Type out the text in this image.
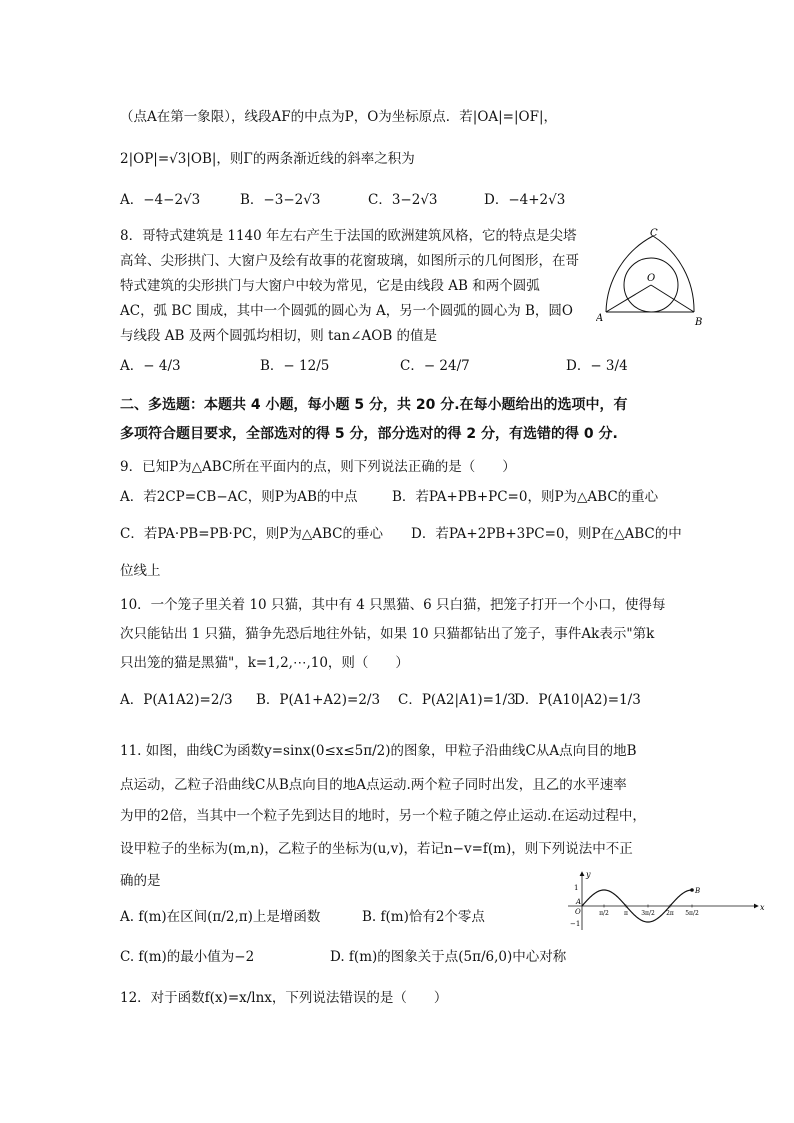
（点A在第一象限），线段AF的中点为P，O为坐标原点．若|OA|=|OF|，
2|OP|=√3|OB|，则Γ的两条渐近线的斜率之积为
A．−4−2√3	B．−3−2√3	C．3−2√3	D．−4+2√3
8．哥特式建筑是 1140 年左右产生于法国的欧洲建筑风格，它的特点是尖塔
高耸、尖形拱门、大窗户及绘有故事的花窗玻璃，如图所示的几何图形，在哥
特式建筑的尖形拱门与大窗户中较为常见，它是由线段 AB 和两个圆弧
AC，弧 BC 围成，其中一个圆弧的圆心为 A，另一个圆弧的圆心为 B，圆O
与线段 AB 及两个圆弧均相切，则 tan∠AOB 的值是
A．− 4/3	B．− 12/5	C．− 24/7	D．− 3/4
C
O
A	B
二、多选题：本题共 4 小题，每小题 5 分，共 20 分.在每小题给出的选项中，有
多项符合题目要求，全部选对的得 5 分，部分选对的得 2 分，有选错的得 0 分.
9．已知P为△ABC所在平面内的点，则下列说法正确的是（　　）
A．若2CP=CB−AC，则P为AB的中点	B．若PA+PB+PC=0，则P为△ABC的重心
C．若PA·PB=PB·PC，则P为△ABC的垂心 D．若PA+2PB+3PC=0，则P在△ABC的中
位线上
10．一个笼子里关着 10 只猫，其中有 4 只黑猫、6 只白猫，把笼子打开一个小口，使得每
次只能钻出 1 只猫，猫争先恐后地往外钻，如果 10 只猫都钻出了笼子，事件Ak表示"第k
只出笼的猫是黑猫"，k=1,2,⋯,10，则（　　）
A．P(A1A2)=2/3 B．P(A1+A2)=2/3 C．P(A2|A1)=1/3
D．P(A10|A2)=1/3
11. 如图，曲线C为函数y=sinx(0≤x≤5π/2)的图象，甲粒子沿曲线C从A点向目的地B
点运动，乙粒子沿曲线C从B点向目的地A点运动.两个粒子同时出发，且乙的水平速率
为甲的2倍，当其中一个粒子先到达目的地时，另一个粒子随之停止运动.在运动过程中，
设甲粒子的坐标为(m,n)，乙粒子的坐标为(u,v)，若记n−v=f(m)，则下列说法中不正
确的是
A. f(m)在区间(π/2,π)上是增函数	B. f(m)恰有2个零点
C. f(m)的最小值为−2	D. f(m)的图象关于点(5π/6,0)中心对称
y
x
1
−1
O
A
B
π/2	π 3π/2 2π 5π/2
12．对于函数f(x)=x/lnx，下列说法错误的是（　　）
